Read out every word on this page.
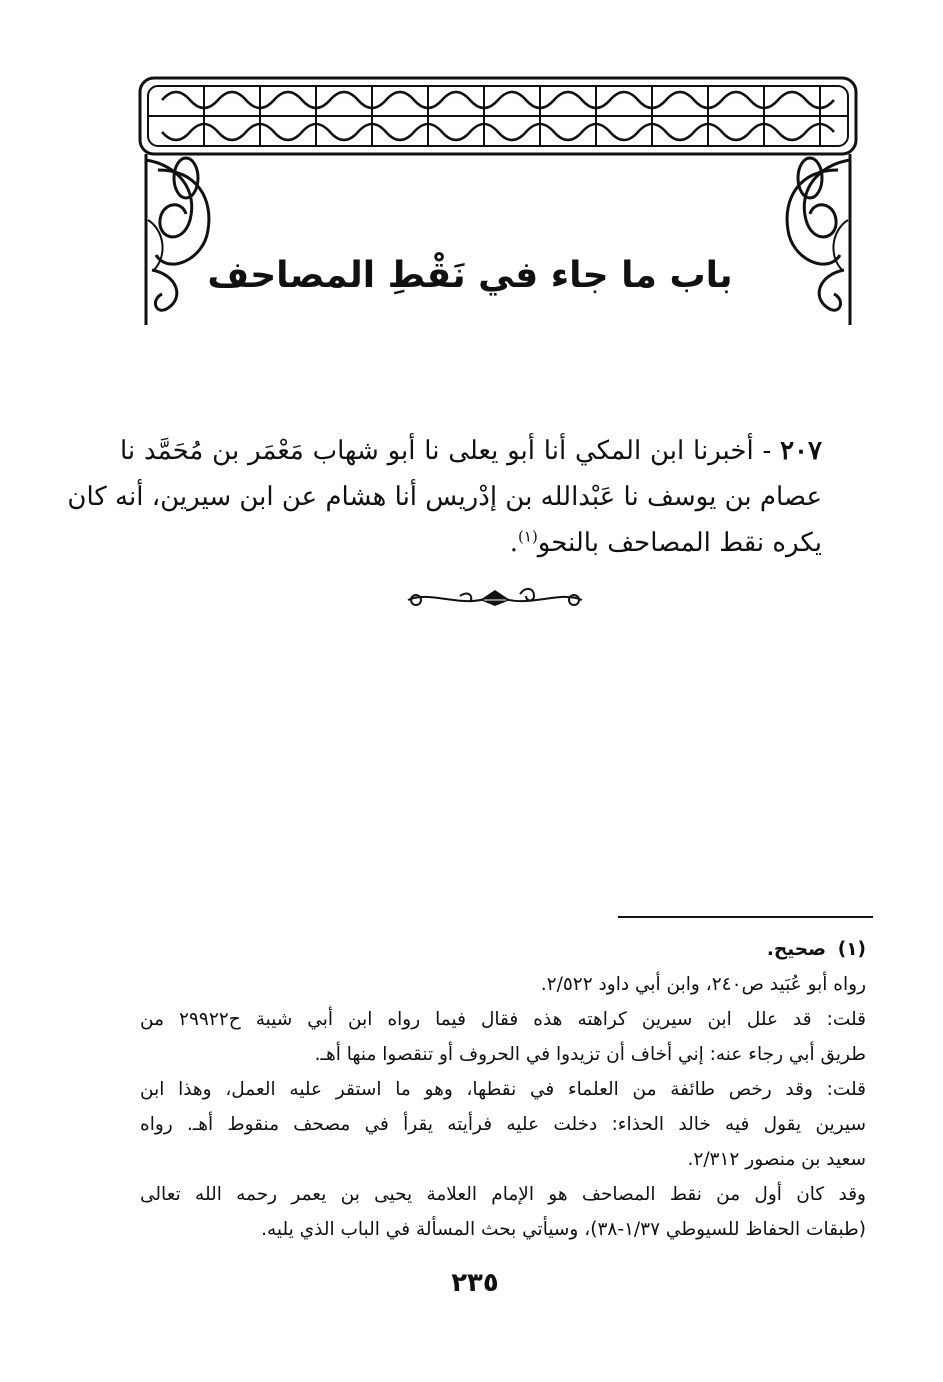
باب ما جاء في نَقْطِ المصاحف
٢٠٧ - أخبرنا ابن المكي أنا أبو يعلى نا أبو شهاب مَعْمَر بن مُحَمَّد نا
عصام بن يوسف نا عَبْدالله بن إدْريس أنا هشام عن ابن سيرين، أنه كان
يكره نقط المصاحف بالنحو$^{(١)}$.
(١)  صحيح.
رواه أبو عُبَيد ص٢٤٠، وابن أبي داود ٢/٥٢٢.
قلت: قد علل ابن سيرين كراهته هذه فقال فيما رواه ابن أبي شيبة ح٢٩٩٢٢ من
طريق أبي رجاء عنه: إني أخاف أن تزيدوا في الحروف أو تنقصوا منها أهـ.
قلت: وقد رخص طائفة من العلماء في نقطها، وهو ما استقر عليه العمل، وهذا ابن
سيرين يقول فيه خالد الحذاء: دخلت عليه فرأيته يقرأ في مصحف منقوط أهـ. رواه
سعيد بن منصور ٢/٣١٢.
وقد كان أول من نقط المصاحف هو الإمام العلامة يحيى بن يعمر رحمه الله تعالى
(طبقات الحفاظ للسيوطي ١/٣٧-٣٨)، وسيأتي بحث المسألة في الباب الذي يليه.
٢٣٥
